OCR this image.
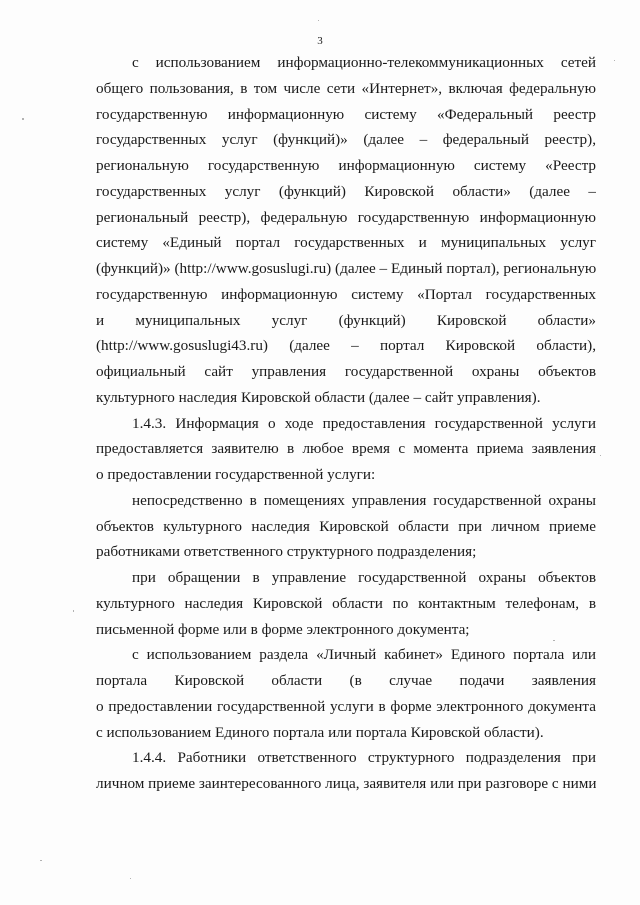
3
с использованием информационно-телекоммуникационных сетей
общего пользования, в том числе сети «Интернет», включая федеральную
государственную информационную систему «Федеральный реестр
государственных услуг (функций)» (далее – федеральный реестр),
региональную государственную информационную систему «Реестр
государственных услуг (функций) Кировской области» (далее –
региональный реестр), федеральную государственную информационную
систему «Единый портал государственных и муниципальных услуг
(функций)» (http://www.gosuslugi.ru) (далее – Единый портал), региональную
государственную информационную систему «Портал государственных
и муниципальных услуг (функций) Кировской области»
(http://www.gosuslugi43.ru) (далее – портал Кировской области),
официальный сайт управления государственной охраны объектов
культурного наследия Кировской области (далее – сайт управления).
1.4.3. Информация о ходе предоставления государственной услуги
предоставляется заявителю в любое время с момента приема заявления
о предоставлении государственной услуги:
непосредственно в помещениях управления государственной охраны
объектов культурного наследия Кировской области при личном приеме
работниками ответственного структурного подразделения;
при обращении в управление государственной охраны объектов
культурного наследия Кировской области по контактным телефонам, в
письменной форме или в форме электронного документа;
с использованием раздела «Личный кабинет» Единого портала или
портала Кировской области (в случае подачи заявления
о предоставлении государственной услуги в форме электронного документа
с использованием Единого портала или портала Кировской области).
1.4.4. Работники ответственного структурного подразделения при
личном приеме заинтересованного лица, заявителя или при разговоре с ними
